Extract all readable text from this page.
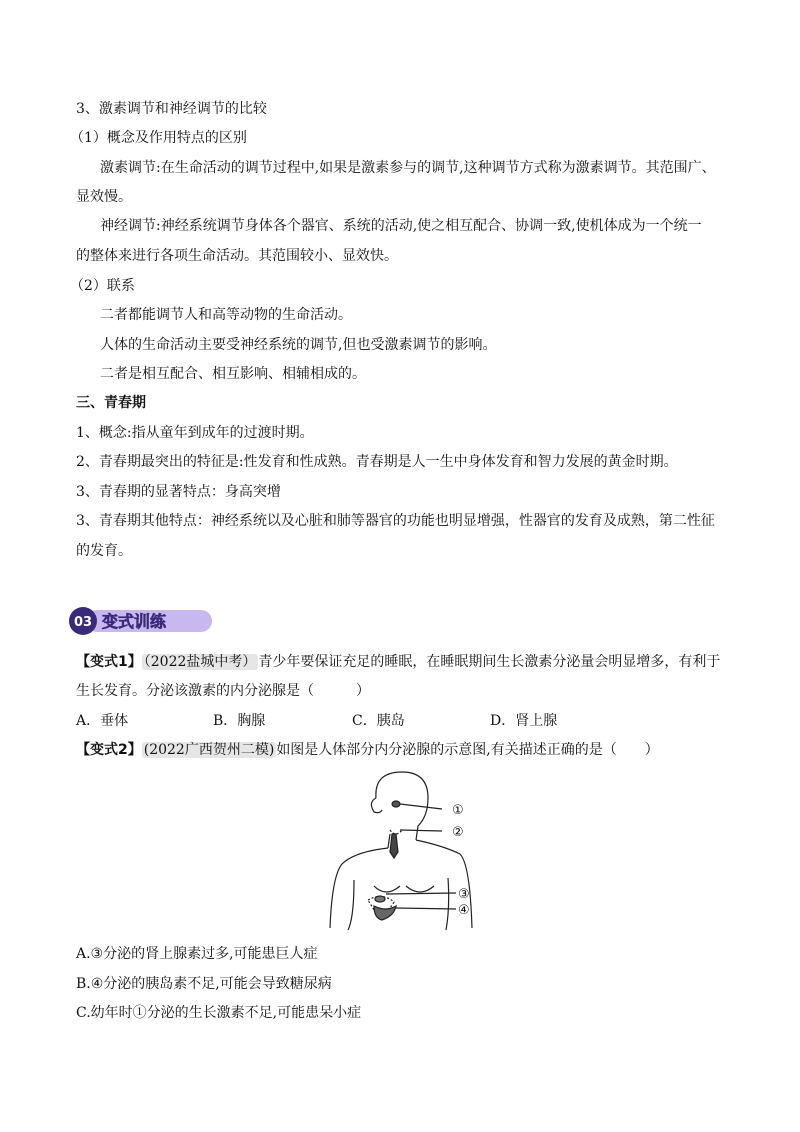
3、激素调节和神经调节的比较
（1）概念及作用特点的区别
激素调节:在生命活动的调节过程中,如果是激素参与的调节,这种调节方式称为激素调节。其范围广、
显效慢。
神经调节:神经系统调节身体各个器官、系统的活动,使之相互配合、协调一致,使机体成为一个统一
的整体来进行各项生命活动。其范围较小、显效快。
（2）联系
二者都能调节人和高等动物的生命活动。
人体的生命活动主要受神经系统的调节,但也受激素调节的影响。
二者是相互配合、相互影响、相辅相成的。
三、青春期
1、概念:指从童年到成年的过渡时期。
2、青春期最突出的特征是:性发育和性成熟。青春期是人一生中身体发育和智力发展的黄金时期。
3、青春期的显著特点：身高突增
3、青春期其他特点：神经系统以及心脏和肺等器官的功能也明显增强，性器官的发育及成熟，第二性征
的发育。
03 变式训练
【变式1】 （2022盐城中考） 青少年要保证充足的睡眠，在睡眠期间生长激素分泌量会明显增多，有利于
生长发育。分泌该激素的内分泌腺是（　　　）
A．垂体	B．胸腺	C．胰岛	D．肾上腺
【变式2】 (2022广西贺州二模) 如图是人体部分内分泌腺的示意图,有关描述正确的是（　　）
①
②
③
④
A.③分泌的肾上腺素过多,可能患巨人症
B.④分泌的胰岛素不足,可能会导致糖尿病
C.幼年时①分泌的生长激素不足,可能患呆小症
